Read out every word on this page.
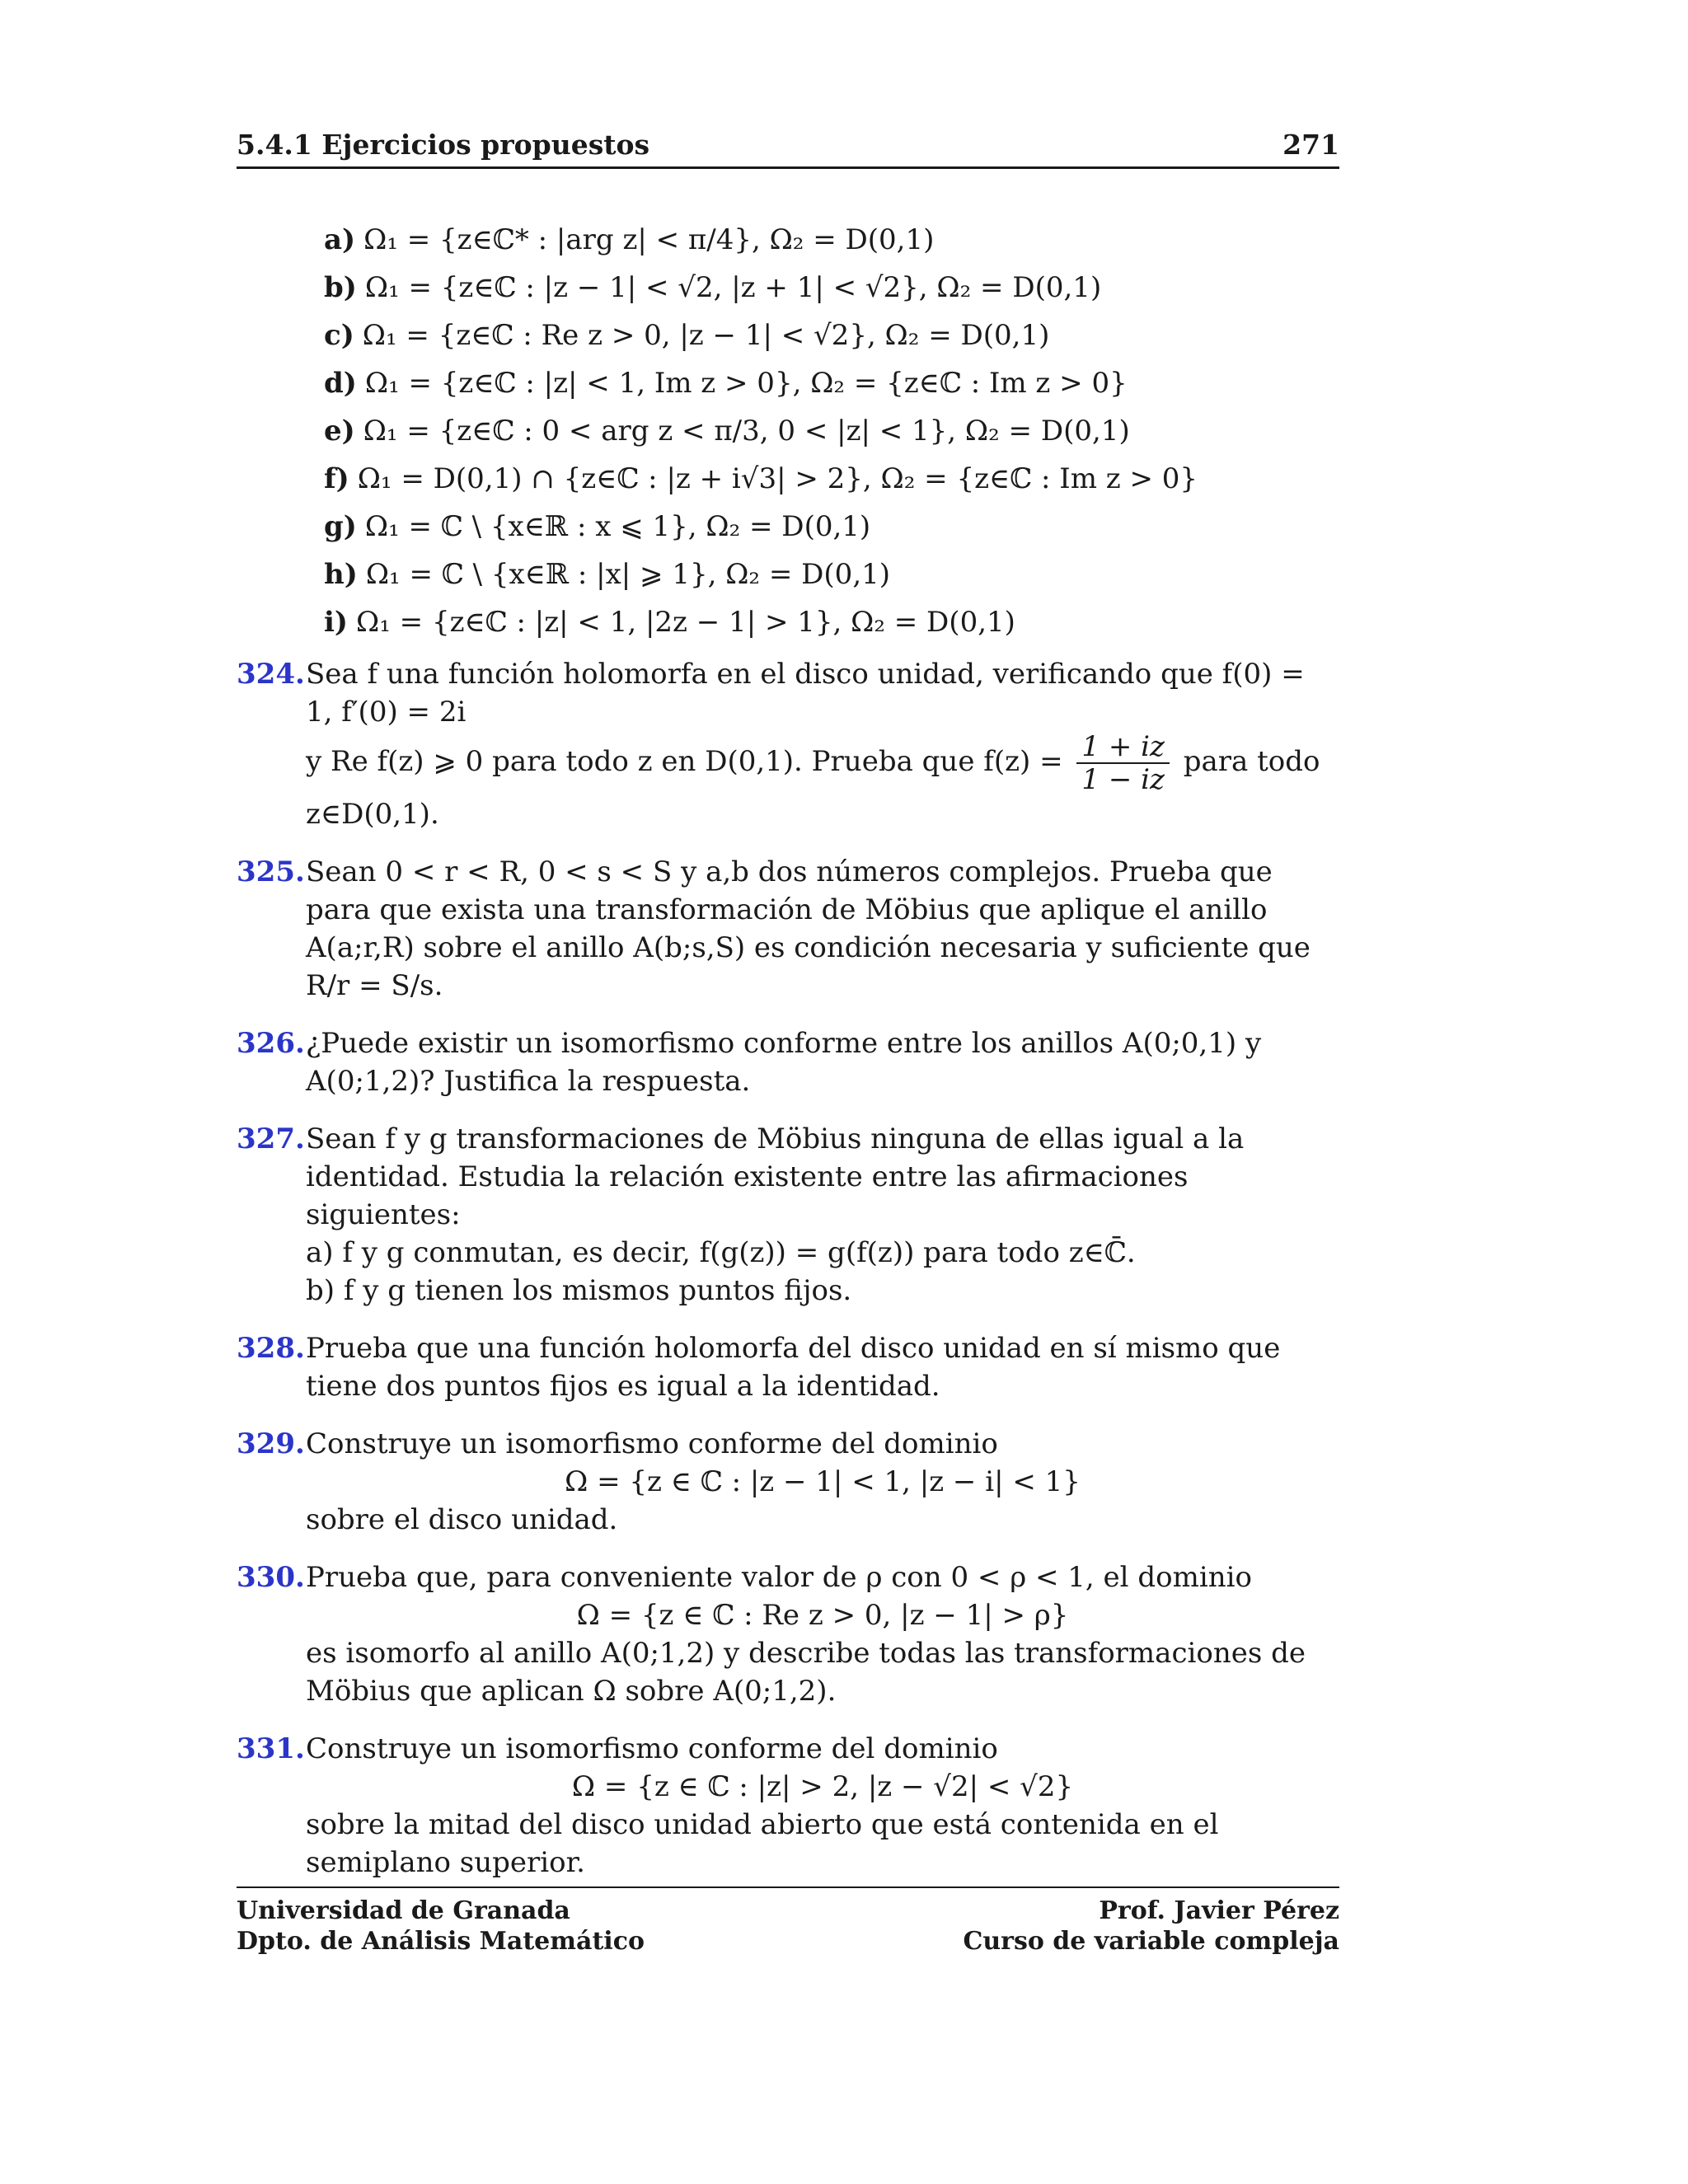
5.4.1 Ejercicios propuestos	271
a) Ω₁ = {z∈ℂ* : |arg z| < π/4}, Ω₂ = D(0,1)
b) Ω₁ = {z∈ℂ : |z − 1| < √2, |z + 1| < √2}, Ω₂ = D(0,1)
c) Ω₁ = {z∈ℂ : Re z > 0, |z − 1| < √2}, Ω₂ = D(0,1)
d) Ω₁ = {z∈ℂ : |z| < 1, Im z > 0}, Ω₂ = {z∈ℂ : Im z > 0}
e) Ω₁ = {z∈ℂ : 0 < arg z < π/3, 0 < |z| < 1}, Ω₂ = D(0,1)
f) Ω₁ = D(0,1) ∩ {z∈ℂ : |z + i√3| > 2}, Ω₂ = {z∈ℂ : Im z > 0}
g) Ω₁ = ℂ \ {x∈ℝ : x ⩽ 1}, Ω₂ = D(0,1)
h) Ω₁ = ℂ \ {x∈ℝ : |x| ⩾ 1}, Ω₂ = D(0,1)
i) Ω₁ = {z∈ℂ : |z| < 1, |2z − 1| > 1}, Ω₂ = D(0,1)
324. Sea f una función holomorfa en el disco unidad, verificando que f(0) = 1, f′(0) = 2i

y Re f(z) ⩾ 0 para todo z en D(0,1). Prueba que $f(z) = \frac{1 + iz}{1 - iz}$ para todo z∈D(0,1).

325. Sean 0 < r < R, 0 < s < S y a,b dos números complejos. Prueba que para que exista una transformación de Möbius que aplique el anillo A(a;r,R) sobre el anillo A(b;s,S) es condición necesaria y suficiente que R/r = S/s.

326. ¿Puede existir un isomorfismo conforme entre los anillos A(0;0,1) y A(0;1,2)? Justifica la respuesta.

327. Sean f y g transformaciones de Möbius ninguna de ellas igual a la identidad. Estudia la relación existente entre las afirmaciones siguientes:

a) f y g conmutan, es decir, f(g(z)) = g(f(z)) para todo z∈ℂ̄.

b) f y g tienen los mismos puntos fijos.

328. Prueba que una función holomorfa del disco unidad en sí mismo que tiene dos puntos fijos es igual a la identidad.

329. Construye un isomorfismo conforme del dominio

Ω = {z ∈ ℂ : |z − 1| < 1, |z − i| < 1}

sobre el disco unidad.

330. Prueba que, para conveniente valor de ρ con 0 < ρ < 1, el dominio

Ω = {z ∈ ℂ : Re z > 0, |z − 1| > ρ}

es isomorfo al anillo A(0;1,2) y describe todas las transformaciones de Möbius que aplican Ω sobre A(0;1,2).

331. Construye un isomorfismo conforme del dominio

Ω = {z ∈ ℂ : |z| > 2, |z − √2| < √2}

sobre la mitad del disco unidad abierto que está contenida en el semiplano superior.

Universidad de Granada
Dpto. de Análisis Matemático
Prof. Javier Pérez
Curso de variable compleja
